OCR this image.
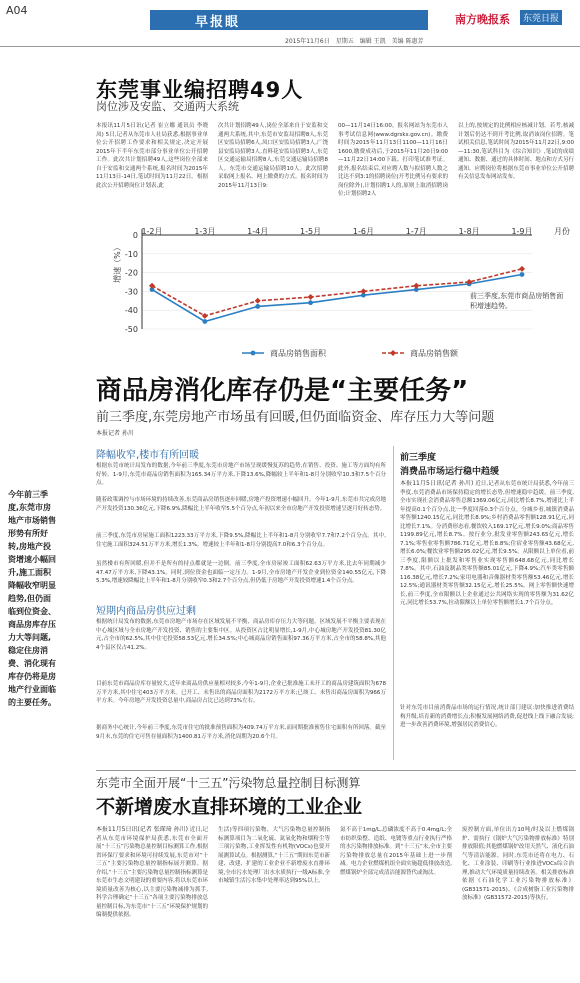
A04
早报眼	南方晚报系	东莞日报
2015年11月6日　星期五　编辑 王凯　美编 陈惠芳
东莞事业编招聘49人
岗位涉及安监、交通两大系统
本报讯11月5日讯(记者 崔立娜 通讯员 李晓凤) 5日,记者从东莞市人社局获悉,根据事业单位公开招聘工作要求和相关规定,决定开展2015年下半年东莞市部分事业单位公开招聘工作。此次共计划招聘49人,这些岗位全部来自于安监和交通两个系统,报名时间为2015年11月13日-14日,笔试时间为11月22日。根据此次公开招聘岗位计划表,此
次共计划招聘49人,岗位全部来自于安监和交通两大系统,其中,东莞市安监局招聘8人,东莞区安监局招聘6人,凤口区安监局招聘3人,广饶县安监局招聘3人,直料花安监局招聘3人,东莞区交通运输局招聘8人,东莞交通运输局招聘8人。东莞市交通运输局招聘10人。此次招聘采取网上报名、网上缴费的方式。报名时间为2015年11月13日9:
00—11月14日16:00。报名网站为东莞市人事考试信息网(www.dgrsks.gov.cn)。缴费时间为2015年11月13日1100—11月16日1600,缴费成功后,于2015年11月20日9:00—11月22日14:00下载、打印笔试准考证。此外,报名结束后,对应聘人数与拟招聘人数之比达不到3:1的招聘岗位(开考比例另有要求的岗位除外),计划招聘1人的,原则上取消招聘岗位;计划招聘2人
以上的,按规定的比例相应核减计划。若考,核减计划后仍达不到开考比例,取消该岗位招聘。笔试相关信息,笔试时间为2015年11月22日,9:00—11:30,笔试科目为《综合知识》,笔试的成绩通知、数据、通过的具体时间、地点和方式另行通知。应聘岗位将根据东莞市事业单位公开招聘有关信息发布网站发布。
0
-10
-20
-30
-40
-50
增速（%）
1-2月	1-3月	1-4月	1-5月	1-6月	1-7月	1-8月	1-9月	月份
商品房销售面积	商品房销售额
前三季度,东莞市商品房销售面积增速趋势。
商品房消化库存仍是“主要任务”
前三季度,东莞房地产市场虽有回暖,但仍面临资金、库存压力大等问题
本报记者 孙川
今年前三季度,东莞市房地产市场销售形势有所好转,房地产投资增速小幅回升,施工面积降幅收窄明显趋势,但仍面临到位资金、商品房库存压力大等问题,稳定住房消费、消化现有库存仍将是房地产行业面临的主要任务。
降幅收窄,楼市有所回暖
根据东莞市统计局发布的数据,今年前三季度,东莞市房地产市场呈现缓慢复苏的趋势,在销售、投资、施工等方面均有所好转。1-9月,东莞市商品房销售面积为165.34万平方米,下降13.6%,降幅较上半年和1-8月分别收窄10.3和7.5个百分点。
随着政策调控与市场环境的持续改善,东莞商品房销售逐步回暖,房地产投资增速小幅回升。今年1-9月,东莞市共完成房地产开发投资130.36亿元,下降6.9%,降幅比上半年收窄5.5个百分点,年初以来全市房地产开发投资增速呈逐月好转态势。
前三季度,东莞市房屋施工面积1223.33万平方米,下降9.5%,降幅比上半年和1-8月分别收窄7.7和7.2个百分点。其中,住宅施工面积324.51万平方米,增长1.3%。增速较上半年和1-8月分别提高7.0和6.3个百分点。
虽然楼市有所回暖,但并不是所有的持点都就是一边倒。前三季度,全市房屋竣工面积62.63万平方米,比去年同期减少47.47万平方米,下降43.1%。同时,到位资金也面临一定压力。1-9月,全市房地产开发企业到位资金140.55亿元,下降5.3%,增速较降幅比上半年和1-8月分别收窄0.3和2.7个百分点,但仍低于房地产开发投资增速1.4个百分点。
短期内商品房供应过剩
根据统计局发布的数据,东莞市房地产市场存在区域发展不平衡、商品房库存压力大等问题。区域发展不平衡主要表现在中心城区域与全市房地产开发投资、销售的主要集中区。从投资区占比明显增长,1-9月,中心城房地产开发投资81.30亿元,占全市的62.5%,其中住宅投资58.53亿元,增长34.5%;中心城商品房销售面积97.36万平方米,占全市的58.8%,其他4个县区仅占41.2%。
目前东莞市商品房库存量较大,近年来商品房供应量相对较多,今年1-9月,企业已批准施工未开工的商品房建筑面积为678万平方米,其中住宅403万平方米。已开工、未售出的商品房面积为2172万平方米;已竣工、未售出商品房面积为966万平方米。今年房地产开发投资总量中,商品房占比已达到73%左右。
据商务中心统计,今年前三季度,东莞市住宅的批准预售面积为409.74万平方米,而同期批准预售住宅面积有所回落。截至9月末,东莞的住宅可售存量面积为1400.81万平方米,消化周期为20.6个月。
前三季度
消费品市场运行稳中趋缓
本报11月5日讯(记者 孙川) 近日,记者从东莞市统计局获悉,今年前三季度,东莞消费品市场保持稳定的增长态势,但增速稳中趋缓。前三季度,全市实现社会消费品零售总额1369.06亿元,同比增长8.7%,增速比上半年提高0.1个百分点,比一季度回落0.3个百分点。分城乡看,城镇消费品零售额1240.15亿元,同比增长8.9%;乡村消费品零售额128.91亿元,同比增长7.1%。分消费形态看,餐饮收入169.17亿元,增长9.0%;商品零售1199.89亿元,增长8.7%。按行业分,批发业零售额243.65亿元,增长7.1%;零售业零售额786.71亿元,增长8.8%;住宿业零售额43.68亿元,增长6.0%;餐饮业零售额295.02亿元,增长9.5%。从限额以上单位看,前三季度,限额以上批发和零售业实现零售额648.68亿元,同比增长7.8%。其中,石油及制品类零售额85.01亿元,下降4.9%;汽车类零售额116.38亿元,增长7.2%;家用电器和音像器材类零售额53.46亿元,增长12.5%;通讯器材类零售额32.15亿元,增长25.5%。网上零售额快速增长,前三季度,全市限额以上企业通过公共网络实现的零售额为31.62亿元,同比增长53.7%,拉动限额以上单位零售额增长1.7个百分点。
针对东莞市目前消费品市场的运行情况,统计部门建议:加快推进消费结构升级,培育新的消费增长点;积极发展网络消费,促进线上线下融合发展;进一步改善消费环境,增强居民消费信心。
东莞市全面开展“十三五”污染物总量控制目标测算
不新增废水直排环境的工业企业
本报11月5日讯(记者 张琛琦 孙川) 近日,记者从东莞市环境保护局获悉,东莞市全面开展“十三五”污染物总量控制目标测算工作,根据省环保厅要求和环境可持续发展,东莞市对“十三五”主要污染物总量控制指标展开测算。据介绍,“十三五”主要污染物总量控制指标测算是东莞市生态文明建设的重要内容,将以东莞市环境质量改善为核心,以主要污染物减排为抓手,科学合理确定“十三五”各项主要污染物排放总量控制目标,为东莞市“十三五”环境保护规划的编制提供依据。
生活)等四项污染物。大气污染物总量控制指标测算项目为二氧化硫、氮氧化物和烟粉尘等三项污染物,工业挥发性有机物(VOCs)也要开展测算试点。根据测算,“十三五”期间东莞市新建、改建、扩建的工业企业不新增废水直排环境,全市污水处理厂出水水质执行一级A标准,全市城镇生活污水集中处理率达到95%以上。
氮不高于1mg/L,总磷浓度不高于0.4mg/L;全市纺织染整、造纸、电镀等重点行业执行严格的水污染物排放标准。到“十三五”末,全市主要污染物排放总量在2015年基础上进一步削减。电力企业燃煤机组全面实施超低排放改造,燃煤锅炉全部完成清洁能源替代或淘汰。
废控制方面,单位出力10吨/时及以上燃煤锅炉、需执行《锅炉大气污染物排放标准》特别排放限值;其他燃煤锅炉改用天然气、液化石油气等清洁能源。同时,东莞市还将在电力、石化、工业涂装、印刷等行业推进VOCs综合治理,推动大气环境质量持续改善。相关排放标准依据《石油化学工业污染物排放标准》(GB31571-2015)、《合成树脂工业污染物排放标准》(GB31572-2015)等执行。
